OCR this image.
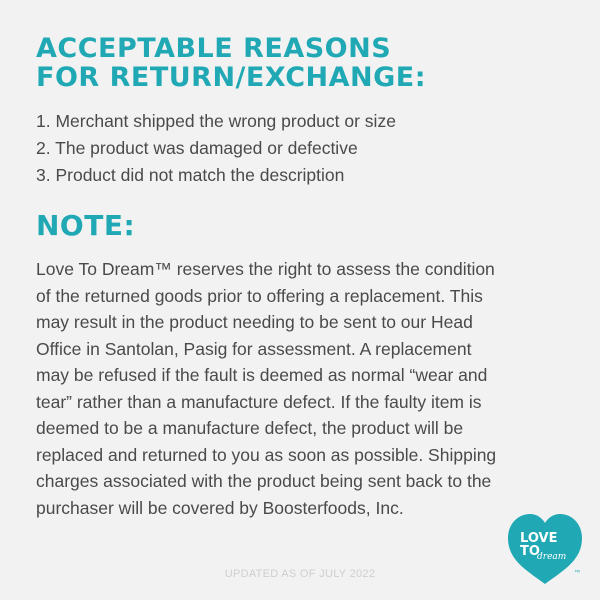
ACCEPTABLE REASONS
FOR RETURN/EXCHANGE:
1. Merchant shipped the wrong product or size
2. The product was damaged or defective
3. Product did not match the description
NOTE:
Love To Dream™ reserves the right to assess the condition
of the returned goods prior to offering a replacement. This
may result in the product needing to be sent to our Head
Office in Santolan, Pasig for assessment. A replacement
may be refused if the fault is deemed as normal “wear and
tear” rather than a manufacture defect. If the faulty item is
deemed to be a manufacture defect, the product will be
replaced and returned to you as soon as possible. Shipping
charges associated with the product being sent back to the
purchaser will be covered by Boosterfoods, Inc.
UPDATED AS OF JULY 2022
LOVE
TO
dream
™
